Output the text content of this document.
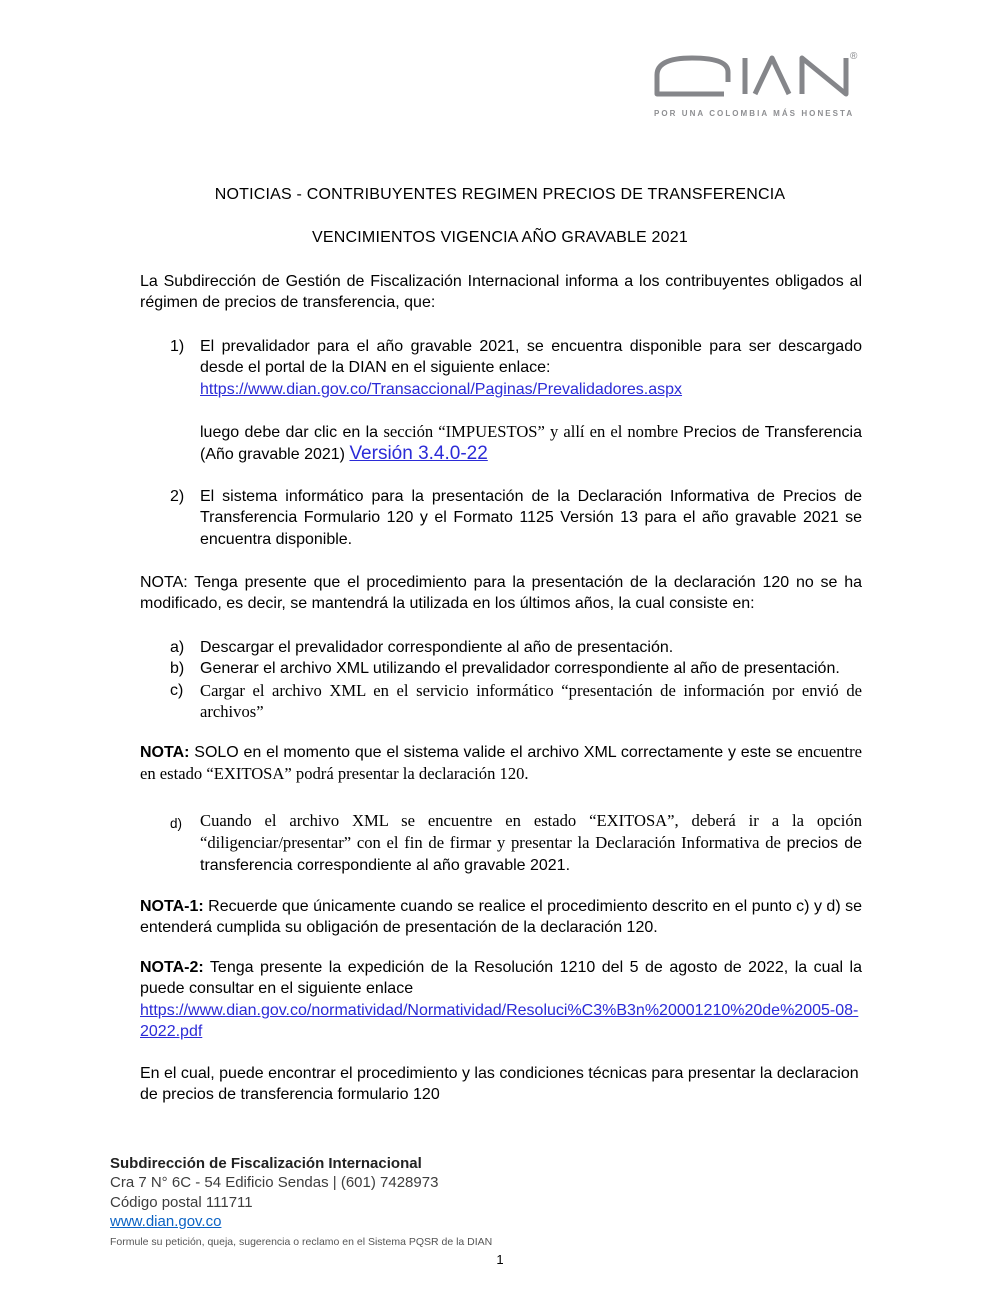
®
POR UNA COLOMBIA MÁS HONESTA
NOTICIAS - CONTRIBUYENTES REGIMEN PRECIOS DE TRANSFERENCIA
VENCIMIENTOS VIGENCIA AÑO GRAVABLE 2021
La Subdirección de Gestión de Fiscalización Internacional informa a los contribuyentes obligados al régimen de precios de transferencia, que:
1) El prevalidador para el año gravable 2021, se encuentra disponible para ser descargado desde el portal de la DIAN en el siguiente enlace:
https://www.dian.gov.co/Transaccional/Paginas/Prevalidadores.aspx
luego debe dar clic en la sección “IMPUESTOS” y allí en el nombre Precios de Transferencia (Año gravable 2021) Versión 3.4.0-22
2) El sistema informático para la presentación de la Declaración Informativa de Precios de Transferencia Formulario 120 y el Formato 1125 Versión 13 para el año gravable 2021 se encuentra disponible.
NOTA: Tenga presente que el procedimiento para la presentación de la declaración 120 no se ha modificado, es decir, se mantendrá la utilizada en los últimos años, la cual consiste en:
a) Descargar el prevalidador correspondiente al año de presentación.
b) Generar el archivo XML utilizando el prevalidador correspondiente al año de presentación.
c)	Cargar el archivo XML en el servicio informático “presentación de información por envió de archivos”
NOTA: SOLO en el momento que el sistema valide el archivo XML correctamente y este se encuentre en estado “EXITOSA” podrá presentar la declaración 120.
d)	Cuando el archivo XML se encuentre en estado “EXITOSA”, deberá ir a la opción “diligenciar/presentar” con el fin de firmar y presentar la Declaración Informativa de precios de transferencia correspondiente al año gravable 2021.
NOTA-1: Recuerde que únicamente cuando se realice el procedimiento descrito en el punto c) y d) se entenderá cumplida su obligación de presentación de la declaración 120.
NOTA-2: Tenga presente la expedición de la Resolución 1210 del 5 de agosto de 2022, la cual la puede consultar en el siguiente enlace
https://www.dian.gov.co/normatividad/Normatividad/Resoluci%C3%B3n%20001210%20de%2005-08-2022.pdf
En el cual, puede encontrar el procedimiento y las condiciones técnicas para presentar la declaracion de precios de transferencia formulario 120
Subdirección de Fiscalización Internacional
Cra 7 N° 6C - 54 Edificio Sendas | (601) 7428973
Código postal 111711
www.dian.gov.co
Formule su petición, queja, sugerencia o reclamo en el Sistema PQSR de la DIAN
1
